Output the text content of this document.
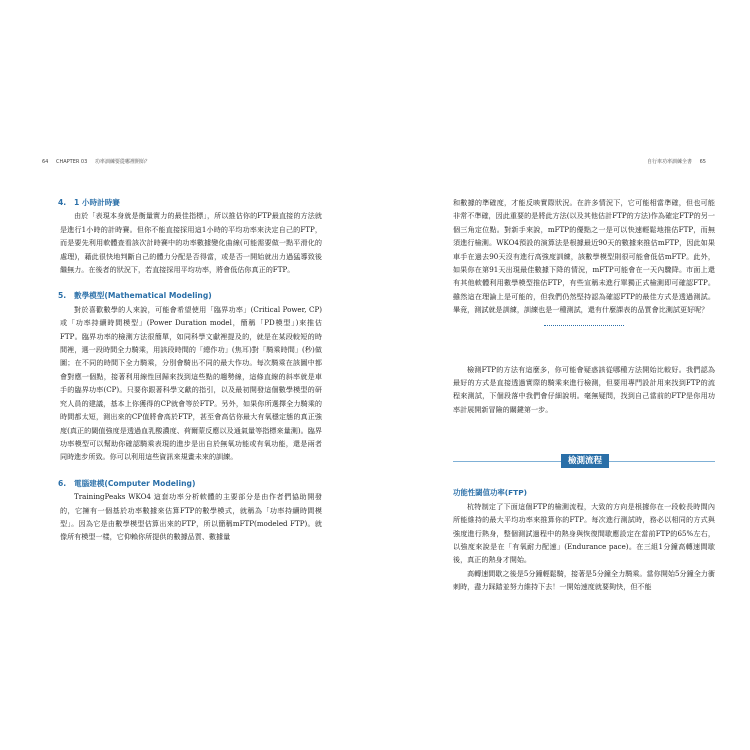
64 CHAPTER 03 功率訓練要從哪裡開始？	自行車功率訓練全書 65
4. 1 小時計時賽

由於「表現本身就是衡量實力的最佳指標」，所以推估你的FTP最直接的方法就是進行1小時的計時賽。但你不能直接採用這1小時的平均功率來決定自己的FTP，而是要先利用軟體查看該次計時賽中的功率數據變化曲線(可能需要做一點平滑化的處理)，藉此很快地判斷自己的體力分配是否得當，或是否一開始就出力過猛導致後繼無力。在後者的狀況下，若直接採用平均功率，將會低估你真正的FTP。

5. 數學模型(Mathematical Modeling)

對於喜歡數學的人來說，可能會希望使用「臨界功率」(Critical Power, CP)或「功率持續時間模型」(Power Duration model，簡稱「PD模型」)來推估FTP。臨界功率的檢測方法很簡單，如同科學文獻裡提及的，就是在某段較短的時間裡，選一段時間全力騎乘，用該段時間的「總作功」(焦耳)對「騎乘時間」(秒)做圖；在不同的時間下全力騎乘，分別會騎出不同的最大作功。每次騎乘在該圖中都會對應一個點，接著利用線性回歸來找到這些點的趨勢線，這條直線的斜率就是車手的臨界功率(CP)。只要你跟著科學文獻的指引，以及最初開發這個數學模型的研究人員的建議，基本上你獲得的CP就會等於FTP。另外，如果你所選擇全力騎乘的時間都太短，測出來的CP值將會高於FTP，甚至會高估你最大有氧穩定態的真正強度(真正的閾值強度是透過血乳酸濃度、荷爾蒙反應以及通氣量等指標來量測)。臨界功率模型可以幫助你確認騎乘表現的進步是出自於無氧功能或有氧功能，還是兩者同時進步所致。你可以利用這些資訊來規畫未來的訓練。

6. 電腦建模(Computer Modeling)

TrainingPeaks WKO4 這套功率分析軟體的主要部分是由作者們協助開發的，它擁有一個基於功率數據來估算FTP的數學模式，就稱為「功率持續時間模型」。因為它是由數學模型估算出來的FTP，所以簡稱mFTP(modeled FTP)。就像所有模型一樣，它仰賴你所提供的數據品質、數據量

和數據的準確度，才能反映實際狀況。在許多情況下，它可能相當準確，但也可能非常不準確，因此重要的是將此方法(以及其他估計FTP的方法)作為確定FTP的另一個三角定位點。對新手來說，mFTP的優點之一是可以快速輕鬆地推估FTP，而無須進行檢測。WKO4預設的演算法是根據最近90天的數據來推估mFTP，因此如果車手在過去90天沒有進行高強度訓練，該數學模型則很可能會低估mFTP。此外，如果你在第91天出現最佳數據下降的情況，mFTP可能會在一天內驟降。市面上還有其他軟體利用數學模型推估FTP，有些宣稱未進行單獨正式檢測即可確認FTP。雖然這在理論上是可能的，但我們仍然堅持認為確認FTP的最佳方式是透過測試。畢竟，測試就是訓練，訓練也是一種測試，還有什麼課表的品質會比測試更好呢？

檢測FTP的方法有這麼多，你可能會疑惑該從哪種方法開始比較好。我們認為最好的方式是直接透過實際的騎乘來進行檢測，但要用專門設計用來找到FTP的流程來測試，下個段落中我們會仔細說明。毫無疑問，找到自己當前的FTP是你用功率計展開新冒險的關鍵第一步。

檢測流程
功能性閾值功率(FTP)

杭特制定了下面這個FTP的檢測流程，大致的方向是根據你在一段較長時間內所能維持的最大平均功率來推算你的FTP。每次進行測試時，務必以相同的方式與強度進行熱身，整個測試過程中的熱身與恢復間歇應設定在當前FTP的65%左右，以強度來說是在「有氧耐力配速」(Endurance pace)。在三組1分鐘高轉速間歇後，真正的熱身才開始。

高轉速間歇之後是5分鐘輕鬆騎，接著是5分鐘全力騎乘。當你開始5分鐘全力衝刺時，盡力踩踏並努力維持下去！一開始速度就要夠快，但不能
